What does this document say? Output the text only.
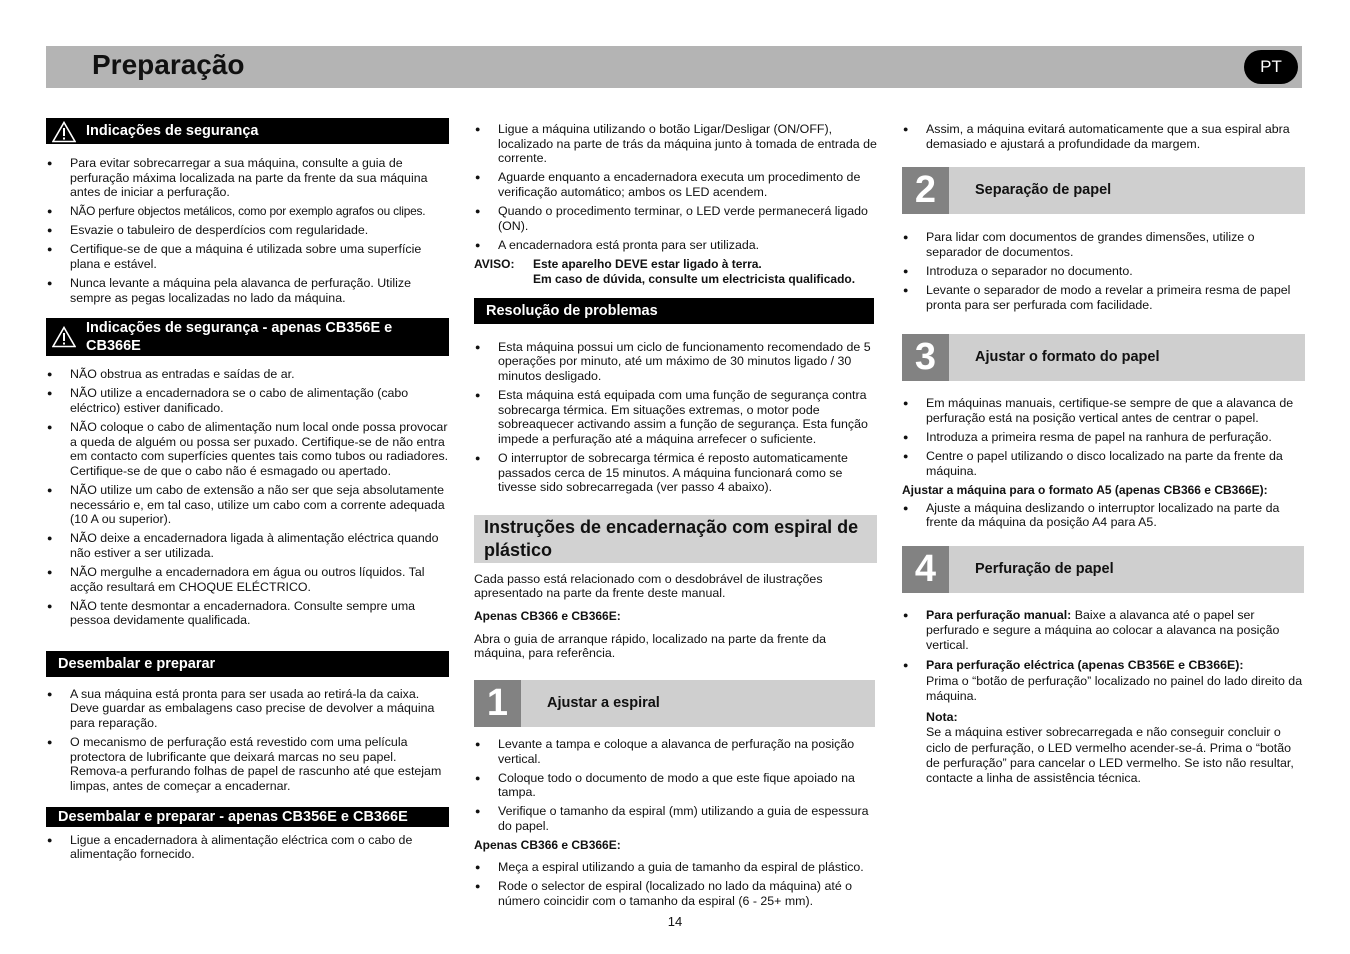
Preparação	PT
Indicações de segurança
● Para evitar sobrecarregar a sua máquina, consulte a guia de perfuração máxima localizada na parte da frente da sua máquina antes de iniciar a perfuração.
● NÃO perfure objectos metálicos, como por exemplo agrafos ou clipes.
● Esvazie o tabuleiro de desperdícios com regularidade.
● Certifique-se de que a máquina é utilizada sobre uma superfície plana e estável.
● Nunca levante a máquina pela alavanca de perfuração. Utilize sempre as pegas localizadas no lado da máquina.
Indicações de segurança - apenas CB356E e CB366E
● NÃO obstrua as entradas e saídas de ar.
● NÃO utilize a encadernadora se o cabo de alimentação (cabo eléctrico) estiver danificado.
● NÃO coloque o cabo de alimentação num local onde possa provocar a queda de alguém ou possa ser puxado. Certifique-se de não entra em contacto com superfícies quentes tais como tubos ou radiadores. Certifique-se de que o cabo não é esmagado ou apertado.
● NÃO utilize um cabo de extensão a não ser que seja absolutamente necessário e, em tal caso, utilize um cabo com a corrente adequada (10 A ou superior).
● NÃO deixe a encadernadora ligada à alimentação eléctrica quando não estiver a ser utilizada.
● NÃO mergulhe a encadernadora em água ou outros líquidos. Tal acção resultará em CHOQUE ELÉCTRICO.
● NÃO tente desmontar a encadernadora. Consulte sempre uma pessoa devidamente qualificada.
Desembalar e preparar
● A sua máquina está pronta para ser usada ao retirá-la da caixa. Deve guardar as embalagens caso precise de devolver a máquina para reparação.
● O mecanismo de perfuração está revestido com uma película protectora de lubrificante que deixará marcas no seu papel. Remova-a perfurando folhas de papel de rascunho até que estejam limpas, antes de começar a encadernar.
Desembalar e preparar - apenas CB356E e CB366E
● Ligue a encadernadora à alimentação eléctrica com o cabo de alimentação fornecido.
● Ligue a máquina utilizando o botão Ligar/Desligar (ON/OFF), localizado na parte de trás da máquina junto à tomada de entrada de corrente.
● Aguarde enquanto a encadernadora executa um procedimento de verificação automático; ambos os LED acendem.
● Quando o procedimento terminar, o LED verde permanecerá ligado (ON).
● A encadernadora está pronta para ser utilizada.
AVISO:	Este aparelho DEVE estar ligado à terra.
Em caso de dúvida, consulte um electricista qualificado.
Resolução de problemas
● Esta máquina possui um ciclo de funcionamento recomendado de 5 operações por minuto, até um máximo de 30 minutos ligado / 30 minutos desligado.
● Esta máquina está equipada com uma função de segurança contra sobrecarga térmica. Em situações extremas, o motor pode sobreaquecer activando assim a função de segurança. Esta função impede a perfuração até a máquina arrefecer o suficiente.
● O interruptor de sobrecarga térmica é reposto automaticamente passados cerca de 15 minutos. A máquina funcionará como se tivesse sido sobrecarregada (ver passo 4 abaixo).
Instruções de encadernação com espiral de plástico
Cada passo está relacionado com o desdobrável de ilustrações apresentado na parte da frente deste manual.
Apenas CB366 e CB366E:
Abra o guia de arranque rápido, localizado na parte da frente da máquina, para referência.
1	Ajustar a espiral
● Levante a tampa e coloque a alavanca de perfuração na posição vertical.
● Coloque todo o documento de modo a que este fique apoiado na tampa.
● Verifique o tamanho da espiral (mm) utilizando a guia de espessura do papel.
Apenas CB366 e CB366E:
● Meça a espiral utilizando a guia de tamanho da espiral de plástico.
● Rode o selector de espiral (localizado no lado da máquina) até o número coincidir com o tamanho da espiral (6 - 25+ mm).
● Assim, a máquina evitará automaticamente que a sua espiral abra demasiado e ajustará a profundidade da margem.
2	Separação de papel
● Para lidar com documentos de grandes dimensões, utilize o separador de documentos.
● Introduza o separador no documento.
● Levante o separador de modo a revelar a primeira resma de papel pronta para ser perfurada com facilidade.
3	Ajustar o formato do papel
● Em máquinas manuais, certifique-se sempre de que a alavanca de perfuração está na posição vertical antes de centrar o papel.
● Introduza a primeira resma de papel na ranhura de perfuração.
● Centre o papel utilizando o disco localizado na parte da frente da máquina.
Ajustar a máquina para o formato A5 (apenas CB366 e CB366E):
● Ajuste a máquina deslizando o interruptor localizado na parte da frente da máquina da posição A4 para A5.
4	Perfuração de papel
● Para perfuração manual: Baixe a alavanca até o papel ser perfurado e segure a máquina ao colocar a alavanca na posição vertical.
● Para perfuração eléctrica (apenas CB356E e CB366E):
Prima o “botão de perfuração” localizado no painel do lado direito da máquina.
Nota:
Se a máquina estiver sobrecarregada e não conseguir concluir o ciclo de perfuração, o LED vermelho acender-se-á. Prima o “botão de perfuração” para cancelar o LED vermelho. Se isto não resultar, contacte a linha de assistência técnica.
14
